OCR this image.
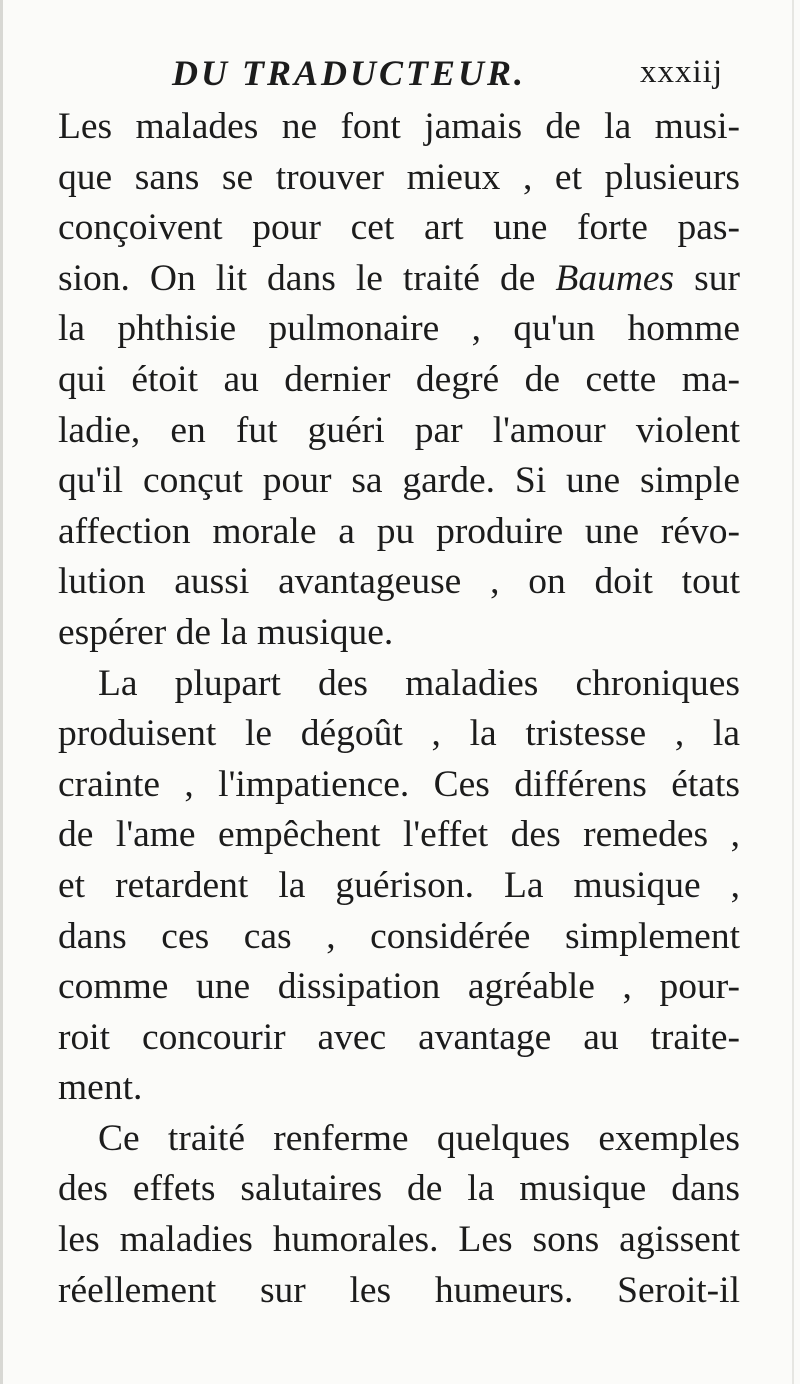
DU TRADUCTEUR.	xxxiij
Les malades ne font jamais de la musi-
que sans se trouver mieux , et plusieurs
conçoivent pour cet art une forte pas-
sion. On lit dans le traité de Baumes sur
la phthisie pulmonaire , qu'un homme
qui étoit au dernier degré de cette ma-
ladie, en fut guéri par l'amour violent
qu'il conçut pour sa garde. Si une simple
affection morale a pu produire une révo-
lution aussi avantageuse , on doit tout
espérer de la musique.
La plupart des maladies chroniques
produisent le dégoût , la tristesse , la
crainte , l'impatience. Ces différens états
de l'ame empêchent l'effet des remedes ,
et retardent la guérison. La musique ,
dans ces cas , considérée simplement
comme une dissipation agréable , pour-
roit concourir avec avantage au traite-
ment.
Ce traité renferme quelques exemples
des effets salutaires de la musique dans
les maladies humorales. Les sons agissent
réellement sur les humeurs. Seroit-il
